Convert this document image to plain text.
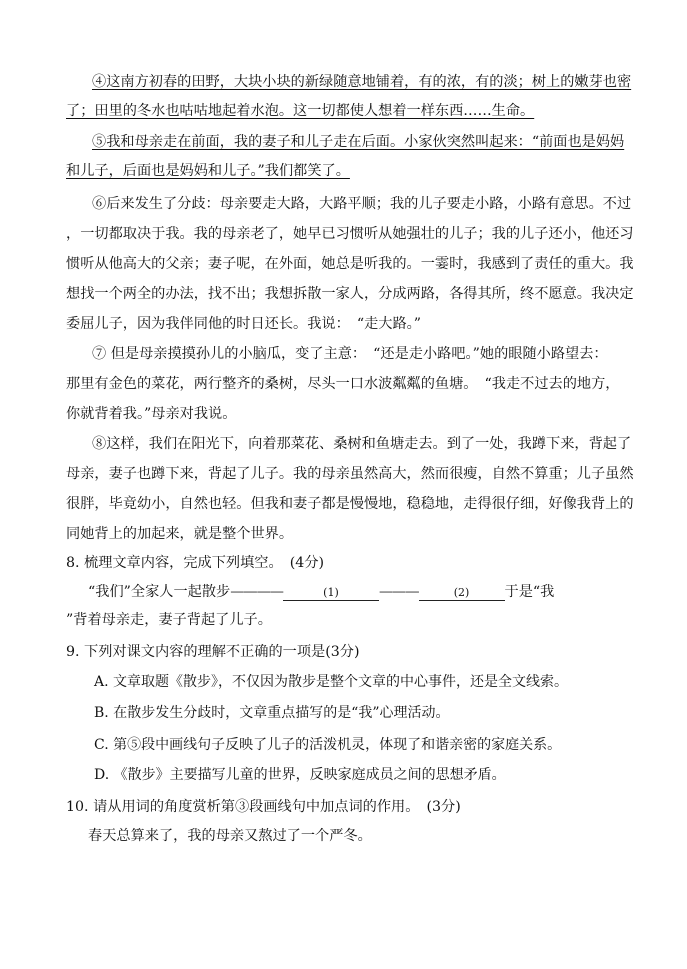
④这南方初春的田野，大块小块的新绿随意地铺着，有的浓，有的淡；树上的嫩芽也密
了；田里的冬水也咕咕地起着水泡。这一切都使人想着一样东西……生命。
⑤我和母亲走在前面，我的妻子和儿子走在后面。小家伙突然叫起来：“前面也是妈妈
和儿子，后面也是妈妈和儿子。”我们都笑了。
⑥后来发生了分歧：母亲要走大路，大路平顺；我的儿子要走小路，小路有意思。不过
，一切都取决于我。我的母亲老了，她早已习惯听从她强壮的儿子；我的儿子还小，他还习
惯听从他高大的父亲；妻子呢，在外面，她总是听我的。一霎时，我感到了责任的重大。我
想找一个两全的办法，找不出；我想拆散一家人，分成两路，各得其所，终不愿意。我决定
委屈儿子，因为我伴同他的时日还长。我说：　“走大路。”
⑦ 但是母亲摸摸孙儿的小脑瓜，变了主意：　“还是走小路吧。”她的眼随小路望去：
那里有金色的菜花，两行整齐的桑树，尽头一口水波粼粼的鱼塘。　“我走不过去的地方，
你就背着我。”母亲对我说。
⑧这样，我们在阳光下，向着那菜花、桑树和鱼塘走去。到了一处，我蹲下来，背起了
母亲，妻子也蹲下来，背起了儿子。我的母亲虽然高大，然而很瘦，自然不算重；儿子虽然
很胖，毕竟幼小，自然也轻。但我和妻子都是慢慢地，稳稳地，走得很仔细，好像我背上的
同她背上的加起来，就是整个世界。
8. 梳理文章内容，完成下列填空。　(4分)
“我们”全家人一起散步————	(1)	———	(2) 于是“我
”背着母亲走，妻子背起了儿子。
9. 下列对课文内容的理解不正确的一项是(3分)
A. 文章取题《散步》，不仅因为散步是整个文章的中心事件，还是全文线索。
B. 在散步发生分歧时，文章重点描写的是“我”心理活动。
C. 第⑤段中画线句子反映了儿子的活泼机灵，体现了和谐亲密的家庭关系。
D. 《散步》主要描写儿童的世界，反映家庭成员之间的思想矛盾。
10. 请从用词的角度赏析第③段画线句中加点词的作用。　(3分)
春天总算来了，我的母亲又熬过了一个严冬。
